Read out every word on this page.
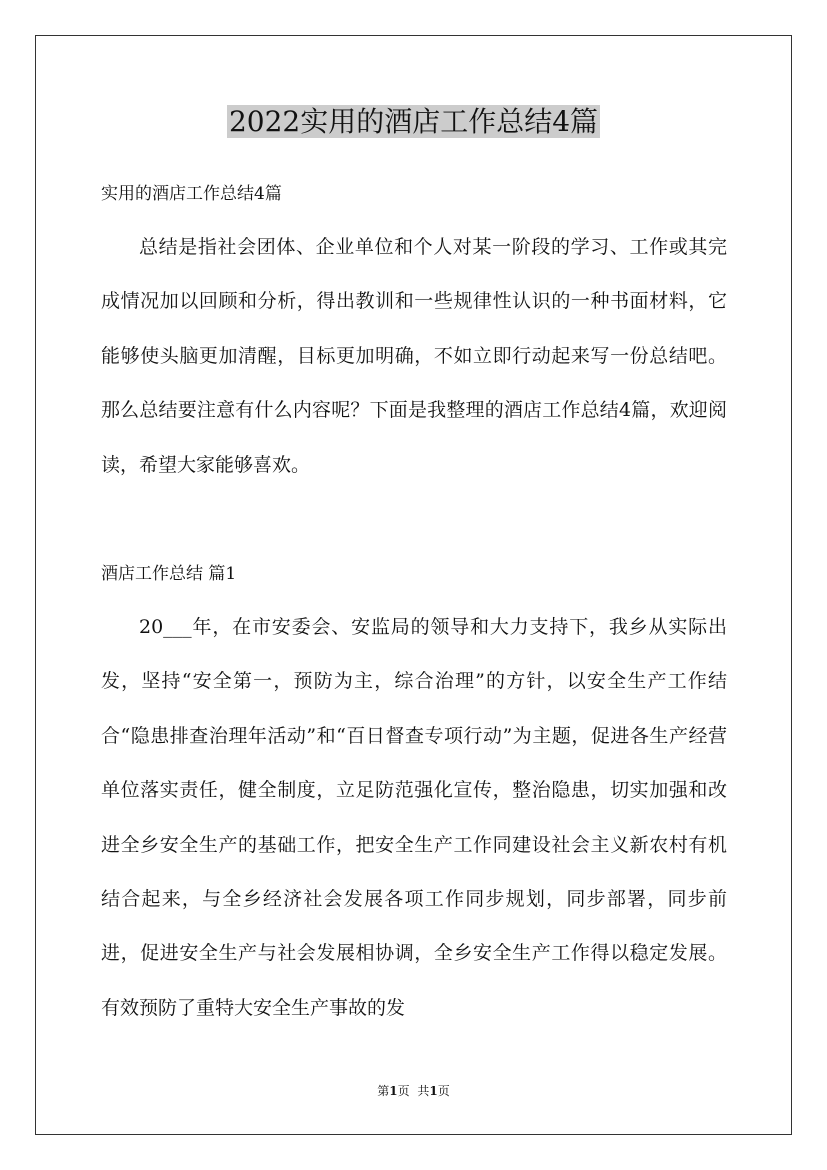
2022实用的酒店工作总结4篇

实用的酒店工作总结4篇

总结是指社会团体、企业单位和个人对某一阶段的学习、工作或其完成情况加以回顾和分析，得出教训和一些规律性认识的一种书面材料，它能够使头脑更加清醒，目标更加明确，不如立即行动起来写一份总结吧。那么总结要注意有什么内容呢？下面是我整理的酒店工作总结4篇，欢迎阅读，希望大家能够喜欢。

酒店工作总结 篇1

20___年，在市安委会、安监局的领导和大力支持下，我乡从实际出发，坚持“安全第一，预防为主，综合治理”的方针，以安全生产工作结合“隐患排查治理年活动”和“百日督查专项行动”为主题，促进各生产经营单位落实责任，健全制度，立足防范强化宣传，整治隐患，切实加强和改进全乡安全生产的基础工作，把安全生产工作同建设社会主义新农村有机结合起来，与全乡经济社会发展各项工作同步规划，同步部署，同步前进，促进安全生产与社会发展相协调，全乡安全生产工作得以稳定发展。有效预防了重特大安全生产事故的发

第1页 共1页
